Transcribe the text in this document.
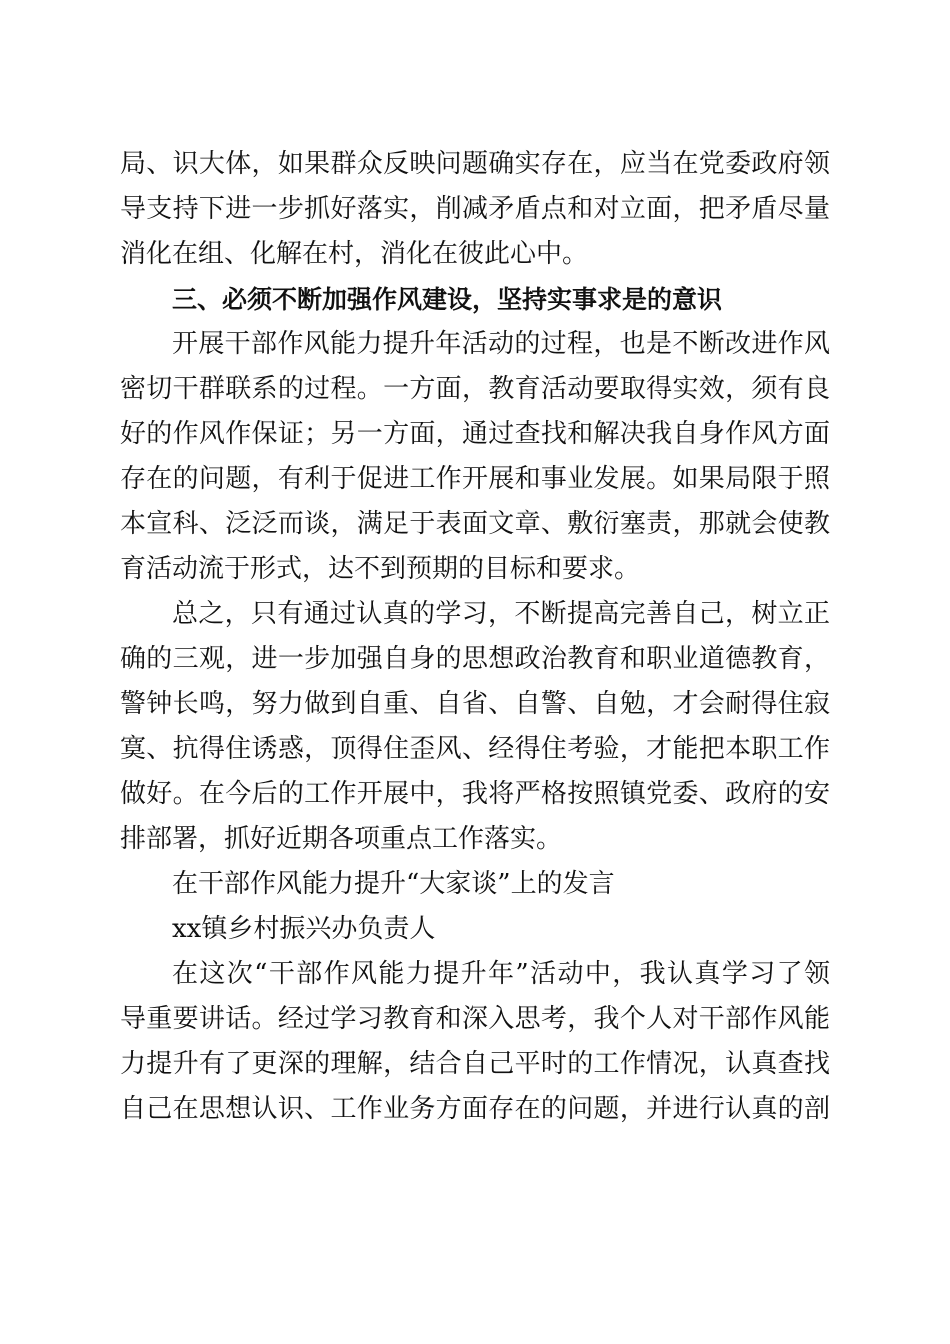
局、识大体，如果群众反映问题确实存在，应当在党委政府领
导支持下进一步抓好落实，削减矛盾点和对立面，把矛盾尽量
消化在组、化解在村，消化在彼此心中。
三、必须不断加强作风建设，坚持实事求是的意识
开展干部作风能力提升年活动的过程，也是不断改进作风
密切干群联系的过程。一方面，教育活动要取得实效，须有良
好的作风作保证；另一方面，通过查找和解决我自身作风方面
存在的问题，有利于促进工作开展和事业发展。如果局限于照
本宣科、泛泛而谈，满足于表面文章、敷衍塞责，那就会使教
育活动流于形式，达不到预期的目标和要求。
总之，只有通过认真的学习，不断提高完善自己，树立正
确的三观，进一步加强自身的思想政治教育和职业道德教育，
警钟长鸣，努力做到自重、自省、自警、自勉，才会耐得住寂
寞、抗得住诱惑，顶得住歪风、经得住考验，才能把本职工作
做好。在今后的工作开展中，我将严格按照镇党委、政府的安
排部署，抓好近期各项重点工作落实。
在干部作风能力提升“大家谈”上的发言
xx镇乡村振兴办负责人
在这次“干部作风能力提升年”活动中，我认真学习了领
导重要讲话。经过学习教育和深入思考，我个人对干部作风能
力提升有了更深的理解，结合自己平时的工作情况，认真查找
自己在思想认识、工作业务方面存在的问题，并进行认真的剖
